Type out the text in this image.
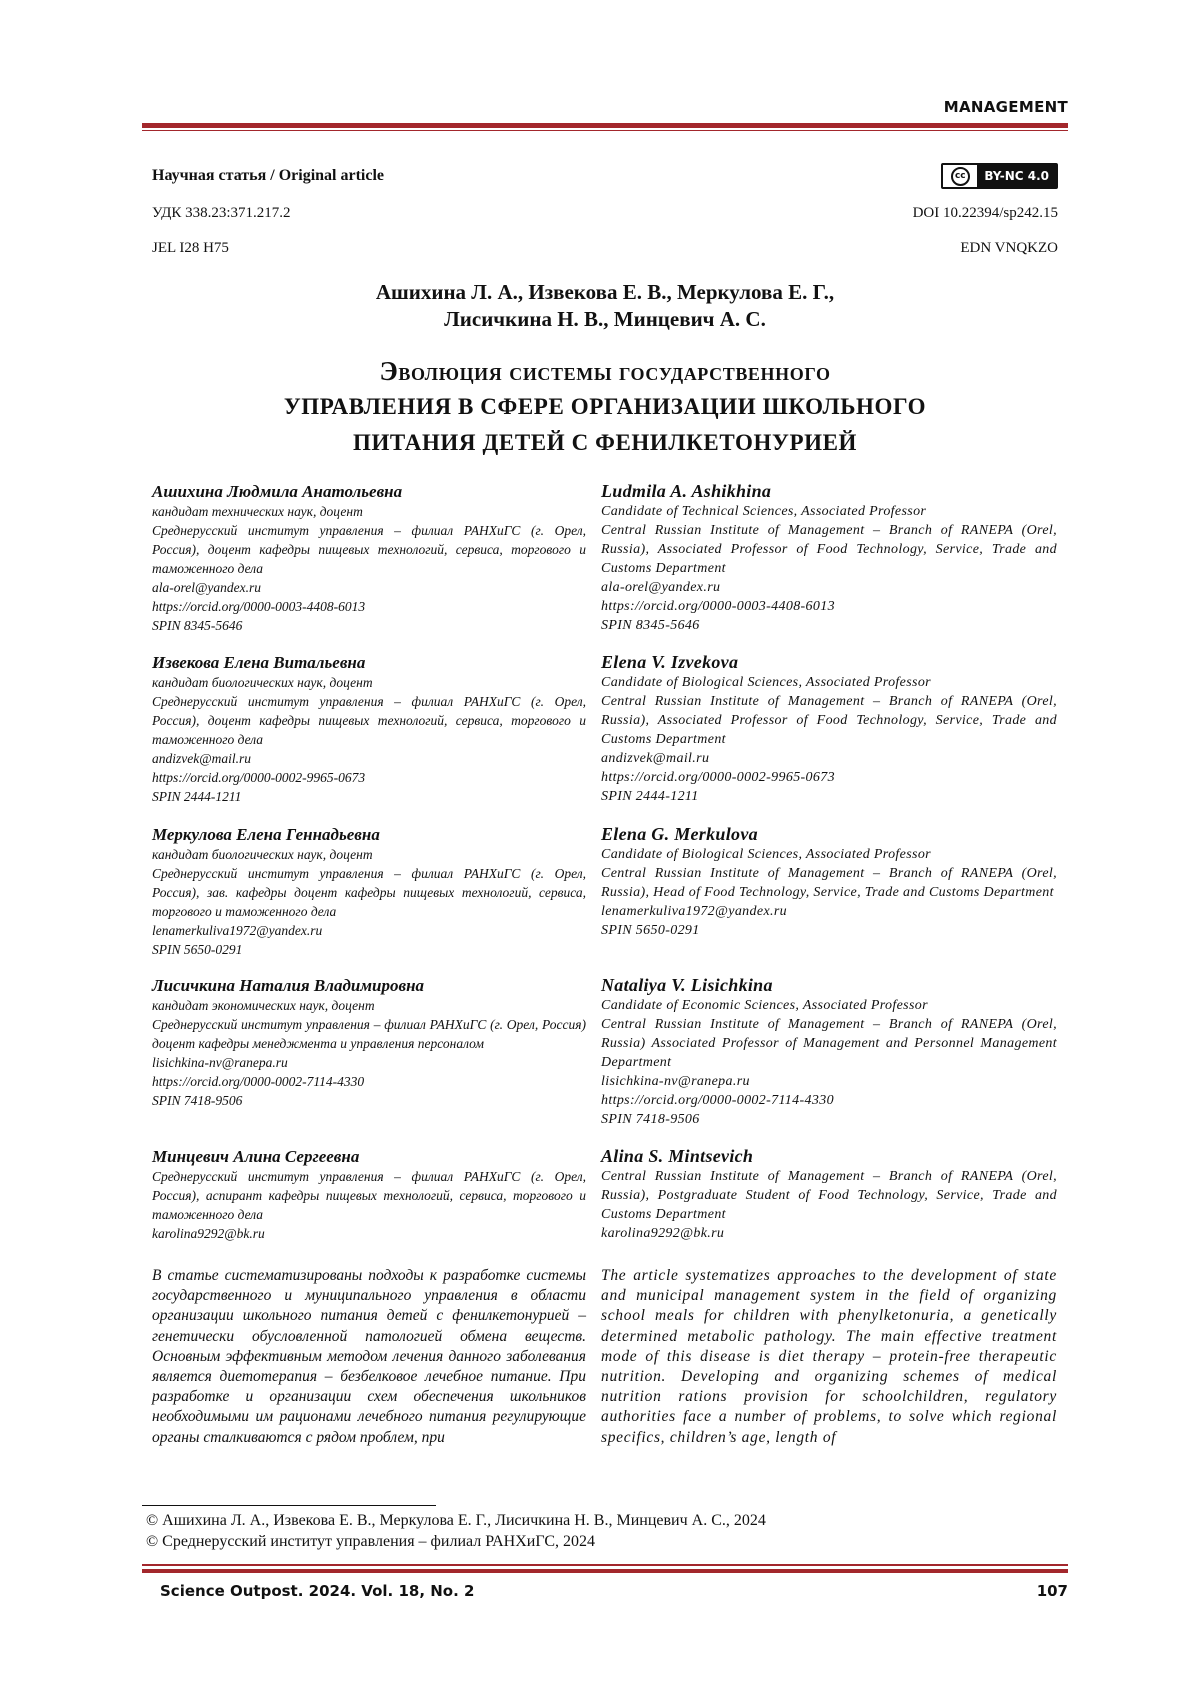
MANAGEMENT
Научная статья / Original article	cc	BY-NC 4.0
УДК 338.23:371.217.2	DOI 10.22394/sp242.15
JEL I28 H75	EDN VNQKZO
Ашихина Л. А., Извекова Е. В., Меркулова Е. Г.,
Лисичкина Н. В., Минцевич А. С.
Эволюция системы государственного
УПРАВЛЕНИЯ В СФЕРЕ ОРГАНИЗАЦИИ ШКОЛЬНОГО
ПИТАНИЯ ДЕТЕЙ С ФЕНИЛКЕТОНУРИЕЙ
Ашихина Людмила Анатольевна
кандидат технических наук, доцент
Среднерусский институт управления – филиал РАНХиГС (г. Орел, Россия), доцент кафедры пищевых технологий, сервиса, торгового и таможенного дела
ala-orel@yandex.ru
https://orcid.org/0000-0003-4408-6013
SPIN 8345-5646
Извекова Елена Витальевна
кандидат биологических наук, доцент
Среднерусский институт управления – филиал РАНХиГС (г. Орел, Россия), доцент кафедры пищевых технологий, сервиса, торгового и таможенного дела
andizvek@mail.ru
https://orcid.org/0000-0002-9965-0673
SPIN 2444-1211
Меркулова Елена Геннадьевна
кандидат биологических наук, доцент
Среднерусский институт управления – филиал РАНХиГС (г. Орел, Россия), зав. кафедры доцент кафедры пищевых технологий, сервиса, торгового и таможенного дела
lenamerkuliva1972@yandex.ru
SPIN 5650-0291
Лисичкина Наталия Владимировна
кандидат экономических наук, доцент
Среднерусский институт управления – филиал РАНХиГС (г. Орел, Россия) доцент кафедры менеджмента и управления персоналом
lisichkina-nv@ranepa.ru
https://orcid.org/0000-0002-7114-4330
SPIN 7418-9506
Минцевич Алина Сергеевна
Среднерусский институт управления – филиал РАНХиГС (г. Орел, Россия), аспирант кафедры пищевых технологий, сервиса, торгового и таможенного дела
karolina9292@bk.ru
Ludmila A. Ashikhina
Candidate of Technical Sciences, Associated Professor
Central Russian Institute of Management – Branch of RANEPA (Orel, Russia), Associated Professor of Food Technology, Service, Trade and Customs Department
ala-orel@yandex.ru
https://orcid.org/0000-0003-4408-6013
SPIN 8345-5646
Elena V. Izvekova
Candidate of Biological Sciences, Associated Professor
Central Russian Institute of Management – Branch of RANEPA (Orel, Russia), Associated Professor of Food Technology, Service, Trade and Customs Department
andizvek@mail.ru
https://orcid.org/0000-0002-9965-0673
SPIN 2444-1211
Elena G. Merkulova
Candidate of Biological Sciences, Associated Professor
Central Russian Institute of Management – Branch of RANEPA (Orel, Russia), Head of Food Technology, Service, Trade and Customs Department
lenamerkuliva1972@yandex.ru
SPIN 5650-0291
Nataliya V. Lisichkina
Candidate of Economic Sciences, Associated Professor
Central Russian Institute of Management – Branch of RANEPA (Orel, Russia) Associated Professor of Management and Personnel Management Department
lisichkina-nv@ranepa.ru
https://orcid.org/0000-0002-7114-4330
SPIN 7418-9506
Alina S. Mintsevich
Central Russian Institute of Management – Branch of RANEPA (Orel, Russia), Postgraduate Student of Food Technology, Service, Trade and Customs Department
karolina9292@bk.ru
В статье систематизированы подходы к разработке системы государственного и муниципального управления в области организации школьного питания детей с фенилкетонурией – генетически обусловленной патологией обмена веществ. Основным эффективным методом лечения данного заболевания является диетотерапия – безбелковое лечебное питание. При разработке и организации схем обеспечения школьников необходимыми им рационами лечебного питания регулирующие органы сталкиваются с рядом проблем, при
The article systematizes approaches to the development of state and municipal management system in the field of organizing school meals for children with phenylketonuria, a genetically determined metabolic pathology. The main effective treatment mode of this disease is diet therapy – protein-free therapeutic nutrition. Developing and organizing schemes of medical nutrition rations provision for schoolchildren, regulatory authorities face a number of problems, to solve which regional specifics, children’s age, length of
© Ашихина Л. А., Извекова Е. В., Меркулова Е. Г., Лисичкина Н. В., Минцевич А. С., 2024
© Среднерусский институт управления – филиал РАНХиГС, 2024
Science Outpost. 2024. Vol. 18, No. 2	107
